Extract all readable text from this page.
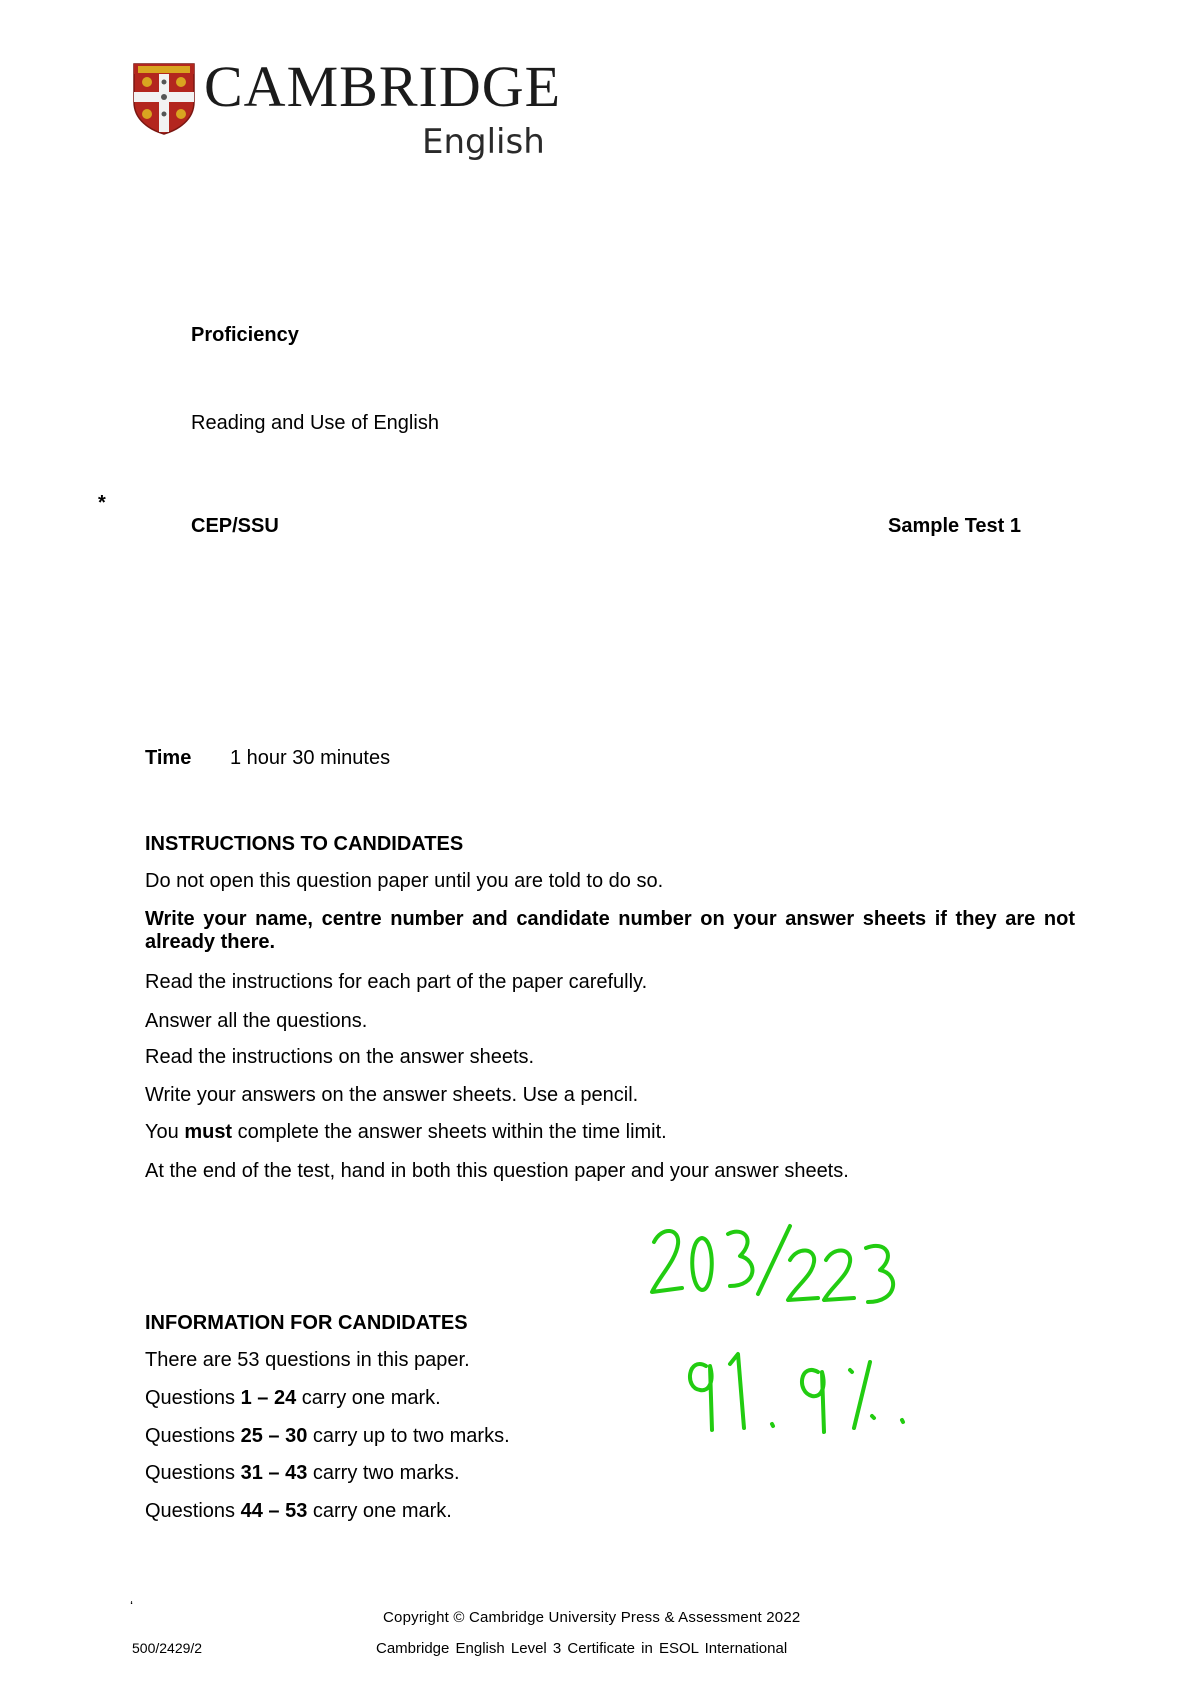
CAMBRIDGE
English
Proficiency
Reading and Use of English
*
CEP/SSU	Sample Test 1
Time 1 hour 30 minutes
INSTRUCTIONS TO CANDIDATES
Do not open this question paper until you are told to do so.
Write your name, centre number and candidate number on your answer sheets if they are not already there.
Read the instructions for each part of the paper carefully.
Answer all the questions.
Read the instructions on the answer sheets.
Write your answers on the answer sheets. Use a pencil.
You must complete the answer sheets within the time limit.
At the end of the test, hand in both this question paper and your answer sheets.
INFORMATION FOR CANDIDATES
There are 53 questions in this paper.
Questions 1 – 24 carry one mark.
Questions 25 – 30 carry up to two marks.
Questions 31 – 43 carry two marks.
Questions 44 – 53 carry one mark.
ʻ
Copyright © Cambridge University Press & Assessment 2022
500/2429/2	Cambridge English Level 3 Certificate in ESOL International
